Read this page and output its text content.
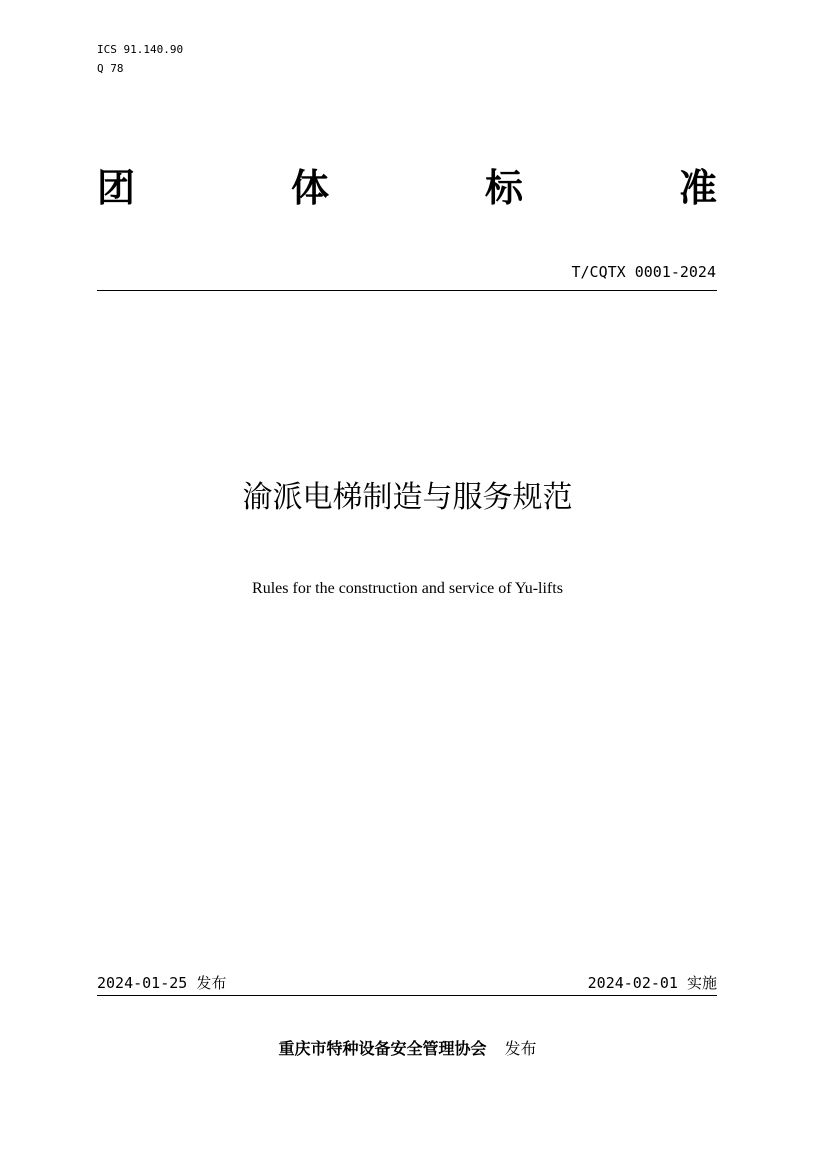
ICS 91.140.90
Q 78
团	体	标	准
T/CQTX 0001-2024
渝派电梯制造与服务规范
Rules for the construction and service of Yu-lifts
2024-01-25 发布	2024-02-01 实施
重庆市特种设备安全管理协会 发布
